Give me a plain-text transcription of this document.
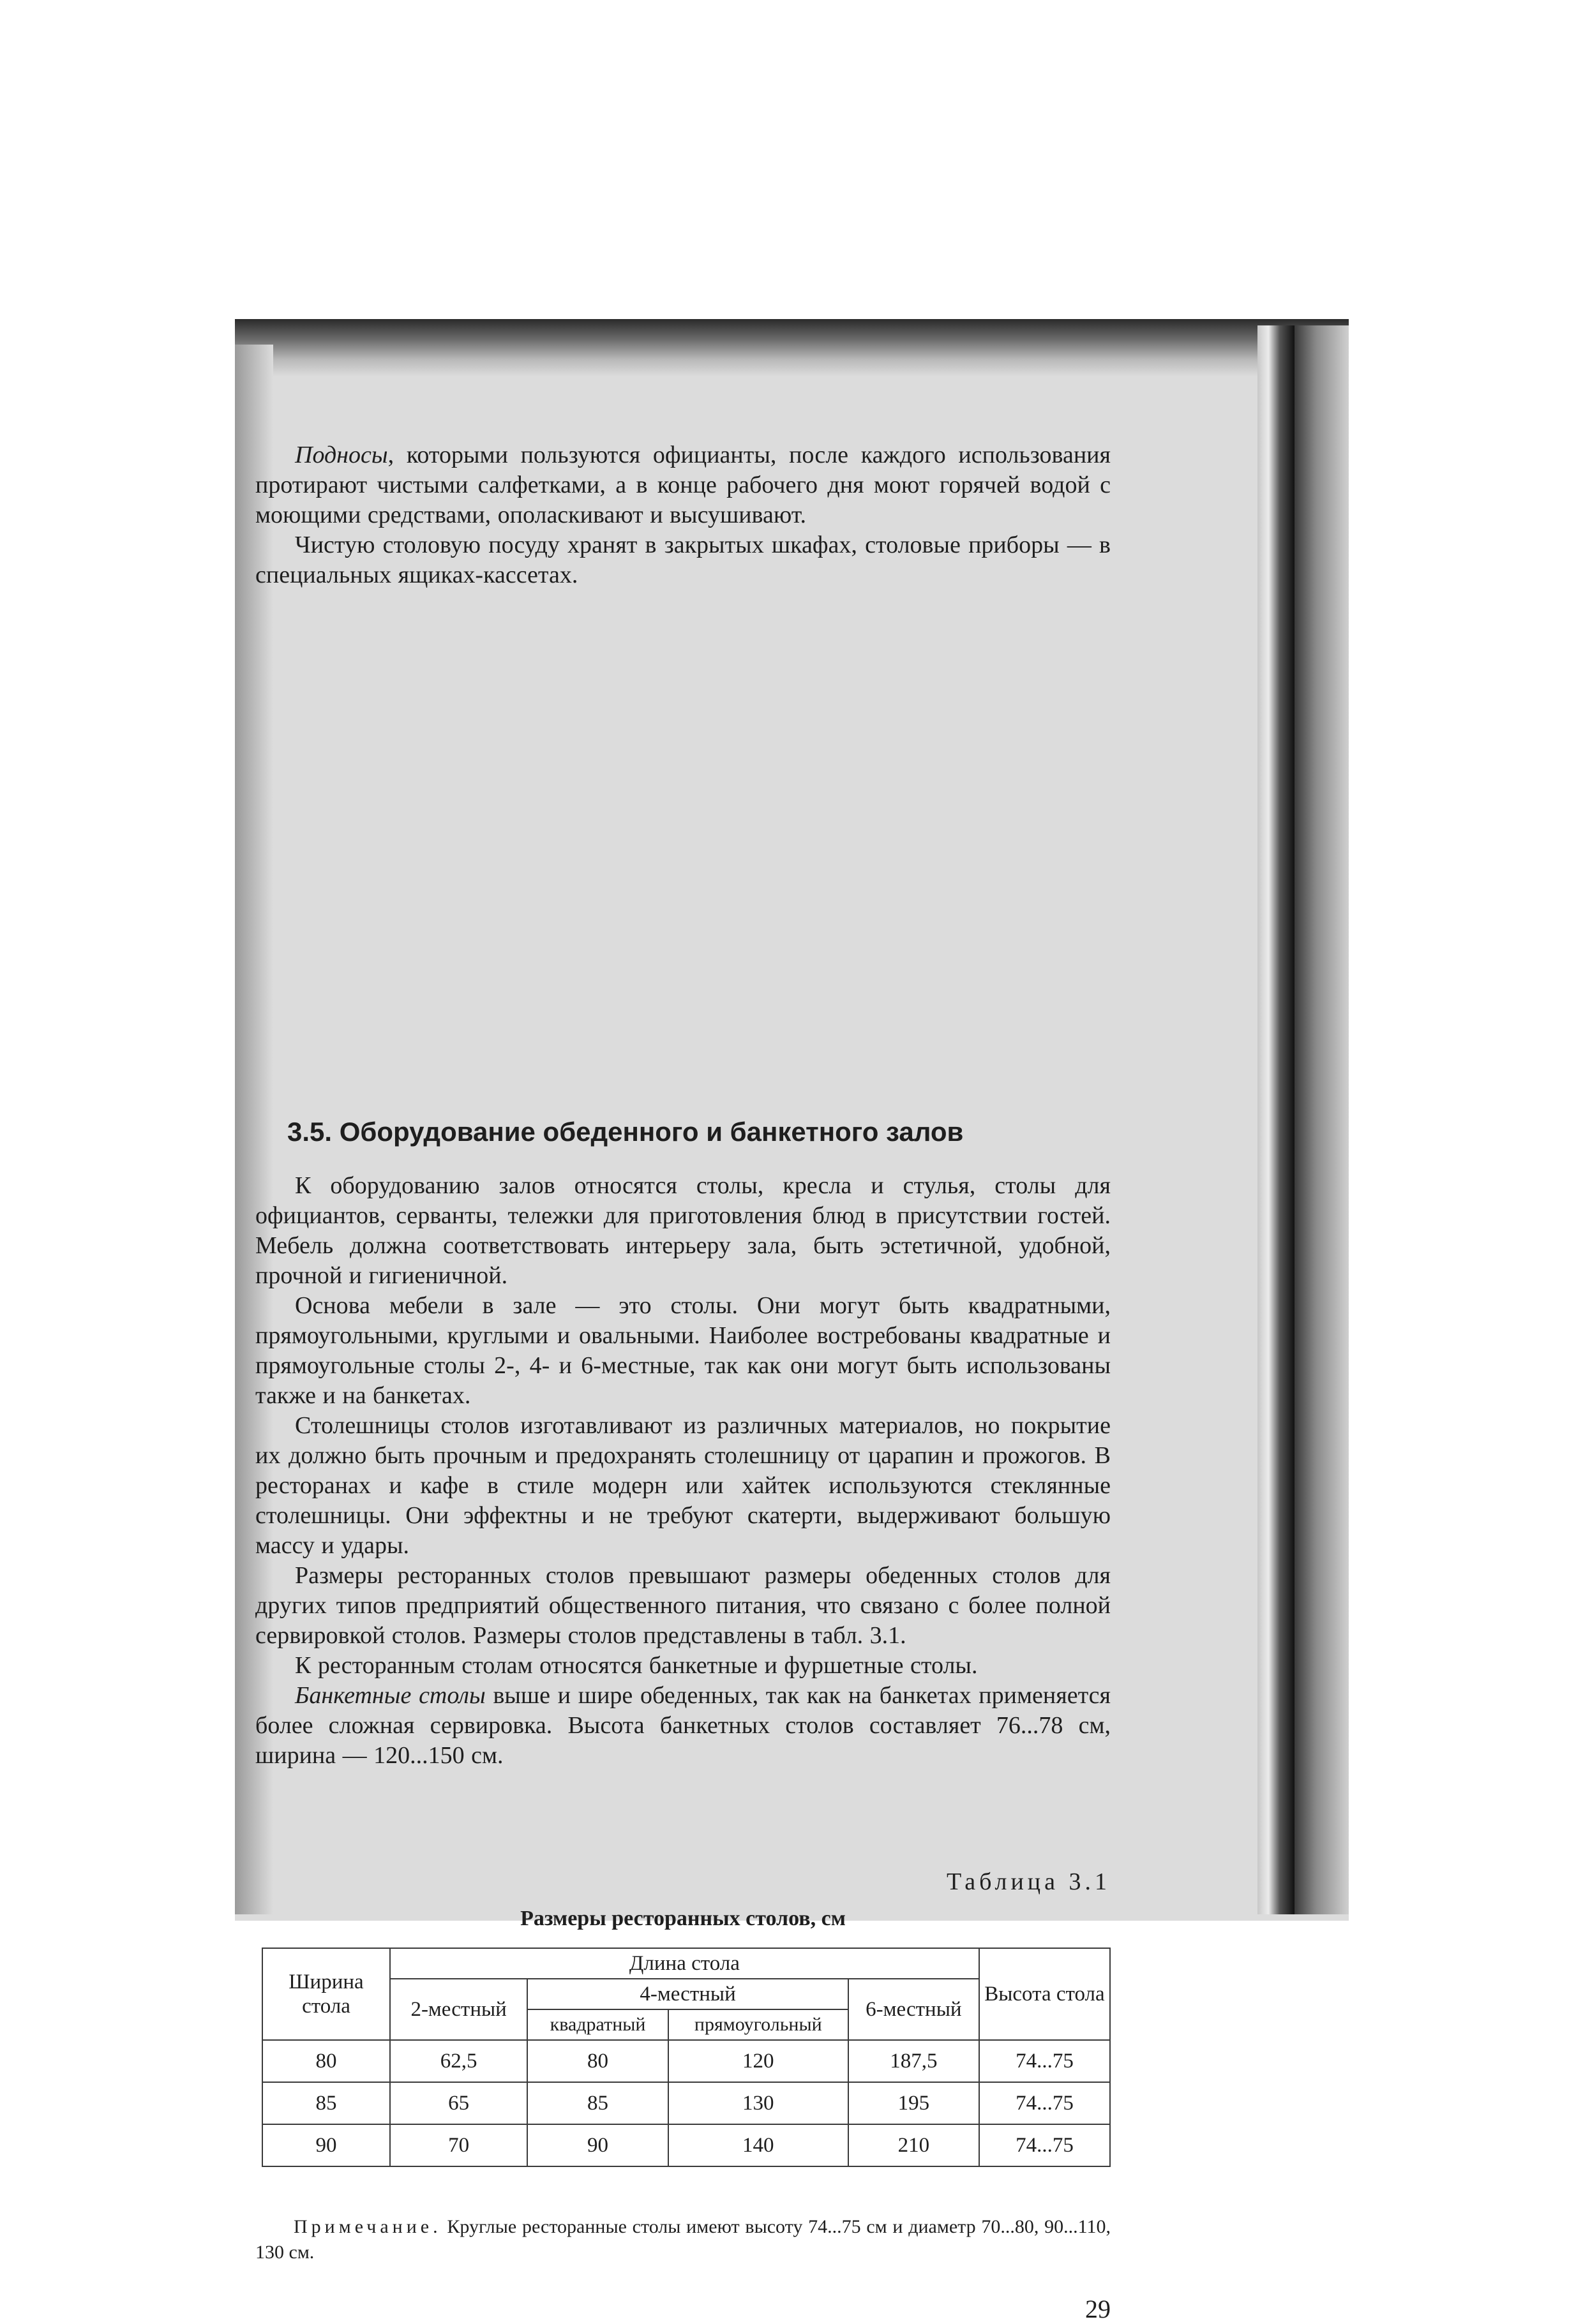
Подносы, которыми пользуются официанты, после каждого использования протирают чистыми салфетками, а в конце рабочего дня моют горячей водой с моющими средствами, ополаскивают и высушивают.

Чистую столовую посуду хранят в закрытых шкафах, столовые приборы — в специальных ящиках-кассетах.

3.5. Оборудование обеденного и банкетного залов

К оборудованию залов относятся столы, кресла и стулья, столы для официантов, серванты, тележки для приготовления блюд в присутствии гостей. Мебель должна соответствовать интерьеру зала, быть эстетичной, удобной, прочной и гигиеничной.

Основа мебели в зале — это столы. Они могут быть квадратными, прямоугольными, круглыми и овальными. Наиболее востребованы квадратные и прямоугольные столы 2-, 4- и 6-местные, так как они могут быть использованы также и на банкетах.

Столешницы столов изготавливают из различных материалов, но покрытие их должно быть прочным и предохранять столешницу от царапин и прожогов. В ресторанах и кафе в стиле модерн или хайтек используются стеклянные столешницы. Они эффектны и не требуют скатерти, выдерживают большую массу и удары.

Размеры ресторанных столов превышают размеры обеденных столов для других типов предприятий общественного питания, что связано с более полной сервировкой столов. Размеры столов представлены в табл. 3.1.

К ресторанным столам относятся банкетные и фуршетные столы.

Банкетные столы выше и шире обеденных, так как на банкетах применяется более сложная сервировка. Высота банкетных столов составляет 76...78 см, ширина — 120...150 см.

Таблица 3.1
Размеры ресторанных столов, см
Ширина стола	Длина стола				Высота стола
	2-местный	4-местный		6-местный	
		квадратный	прямоугольный		
80	62,5	80	120	187,5	74...75
85	65	85	130	195	74...75
90	70	90	140	210	74...75
Примечание. Круглые ресторанные столы имеют высоту 74...75 см и диаметр 70...80, 90...110, 130 см.
29
